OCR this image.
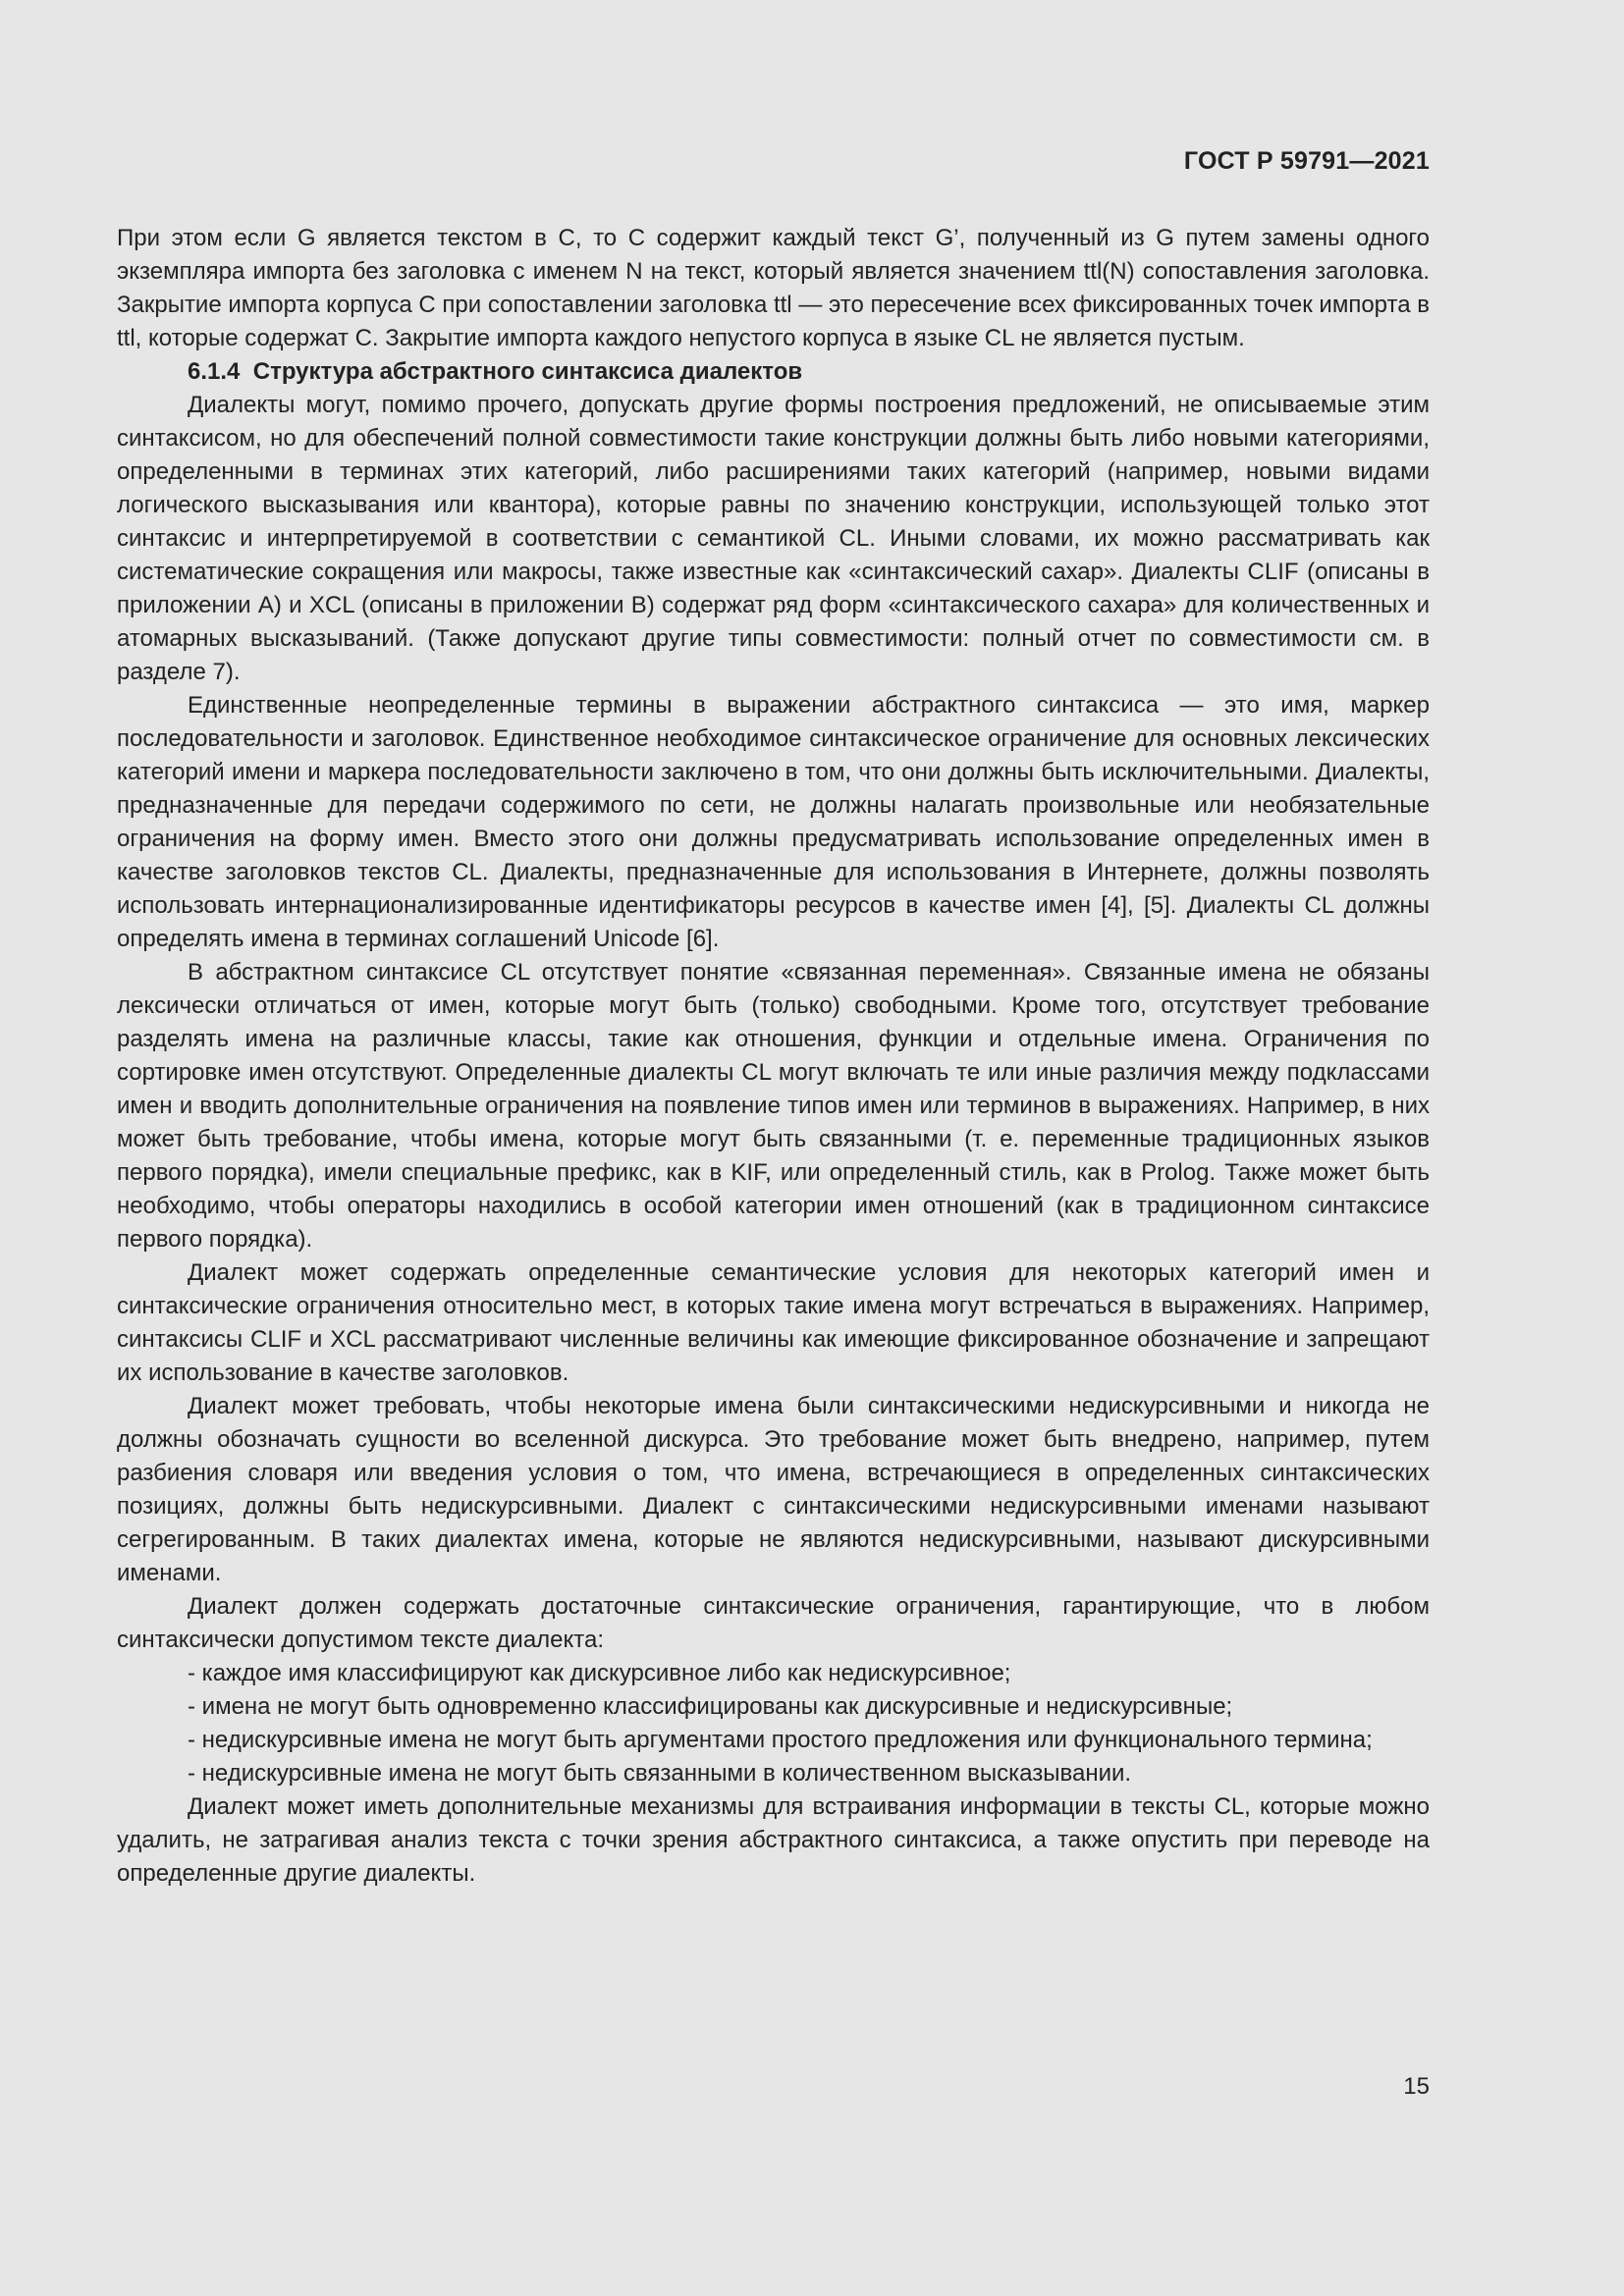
ГОСТ Р 59791—2021

При этом если G является текстом в C, то C содержит каждый текст G’, полученный из G путем замены одного экземпляра импорта без заголовка с именем N на текст, который является значением ttl(N) сопоставления заголовка. Закрытие импорта корпуса C при сопоставлении заголовка ttl — это пересечение всех фиксированных точек импорта в ttl, которые содержат C. Закрытие импорта каждого непустого корпуса в языке CL не является пустым.

6.1.4 Структура абстрактного синтаксиса диалектов

Диалекты могут, помимо прочего, допускать другие формы построения предложений, не описываемые этим синтаксисом, но для обеспечений полной совместимости такие конструкции должны быть либо новыми категориями, определенными в терминах этих категорий, либо расширениями таких категорий (например, новыми видами логического высказывания или квантора), которые равны по значению конструкции, использующей только этот синтаксис и интерпретируемой в соответствии с семантикой CL. Иными словами, их можно рассматривать как систематические сокращения или макросы, также известные как «синтаксический сахар». Диалекты CLIF (описаны в приложении А) и XCL (описаны в приложении В) содержат ряд форм «синтаксического сахара» для количественных и атомарных высказываний. (Также допускают другие типы совместимости: полный отчет по совместимости см. в разделе 7).

Единственные неопределенные термины в выражении абстрактного синтаксиса — это имя, маркер последовательности и заголовок. Единственное необходимое синтаксическое ограничение для основных лексических категорий имени и маркера последовательности заключено в том, что они должны быть исключительными. Диалекты, предназначенные для передачи содержимого по сети, не должны налагать произвольные или необязательные ограничения на форму имен. Вместо этого они должны предусматривать использование определенных имен в качестве заголовков текстов CL. Диалекты, предназначенные для использования в Интернете, должны позволять использовать интернационализированные идентификаторы ресурсов в качестве имен [4], [5]. Диалекты CL должны определять имена в терминах соглашений Unicode [6].

В абстрактном синтаксисе CL отсутствует понятие «связанная переменная». Связанные имена не обязаны лексически отличаться от имен, которые могут быть (только) свободными. Кроме того, отсутствует требование разделять имена на различные классы, такие как отношения, функции и отдельные имена. Ограничения по сортировке имен отсутствуют. Определенные диалекты CL могут включать те или иные различия между подклассами имен и вводить дополнительные ограничения на появление типов имен или терминов в выражениях. Например, в них может быть требование, чтобы имена, которые могут быть связанными (т. е. переменные традиционных языков первого порядка), имели специальные префикс, как в KIF, или определенный стиль, как в Prolog. Также может быть необходимо, чтобы операторы находились в особой категории имен отношений (как в традиционном синтаксисе первого порядка).

Диалект может содержать определенные семантические условия для некоторых категорий имен и синтаксические ограничения относительно мест, в которых такие имена могут встречаться в выражениях. Например, синтаксисы CLIF и XCL рассматривают численные величины как имеющие фиксированное обозначение и запрещают их использование в качестве заголовков.

Диалект может требовать, чтобы некоторые имена были синтаксическими недискурсивными и никогда не должны обозначать сущности во вселенной дискурса. Это требование может быть внедрено, например, путем разбиения словаря или введения условия о том, что имена, встречающиеся в определенных синтаксических позициях, должны быть недискурсивными. Диалект с синтаксическими недискурсивными именами называют сегрегированным. В таких диалектах имена, которые не являются недискурсивными, называют дискурсивными именами.

Диалект должен содержать достаточные синтаксические ограничения, гарантирующие, что в любом синтаксически допустимом тексте диалекта:

- каждое имя классифицируют как дискурсивное либо как недискурсивное;

- имена не могут быть одновременно классифицированы как дискурсивные и недискурсивные;

- недискурсивные имена не могут быть аргументами простого предложения или функционального термина;

- недискурсивные имена не могут быть связанными в количественном высказывании.

Диалект может иметь дополнительные механизмы для встраивания информации в тексты CL, которые можно удалить, не затрагивая анализ текста с точки зрения абстрактного синтаксиса, а также опустить при переводе на определенные другие диалекты.

15
